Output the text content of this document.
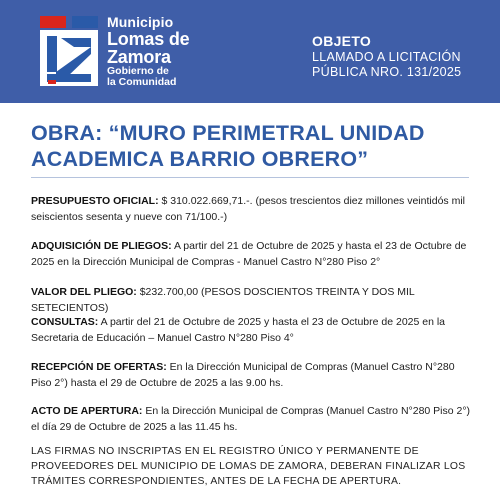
Municipio
Lomas de
Zamora
Gobierno de
la Comunidad
OBJETO
LLAMADO A LICITACIÓN
PÚBLICA NRO. 131/2025
OBRA: “MURO PERIMETRAL UNIDAD
ACADEMICA BARRIO OBRERO”
PRESUPUESTO OFICIAL: $ 310.022.669,71.-. (pesos trescientos diez millones veintidós mil seiscientos sesenta y nueve con 71/100.-)
ADQUISICIÓN DE PLIEGOS: A partir del 21 de Octubre de 2025 y hasta el 23 de Octubre de 2025 en la Dirección Municipal de Compras - Manuel Castro N°280 Piso 2°
VALOR DEL PLIEGO: $232.700,00 (PESOS DOSCIENTOS TREINTA Y DOS MIL SETECIENTOS)
CONSULTAS: A partir del 21 de Octubre de 2025 y hasta el 23 de Octubre de 2025 en la Secretaria de Educación – Manuel Castro N°280 Piso 4°
RECEPCIÓN DE OFERTAS: En la Dirección Municipal de Compras (Manuel Castro N°280 Piso 2°) hasta el 29 de Octubre de 2025 a las 9.00 hs.
ACTO DE APERTURA: En la Dirección Municipal de Compras (Manuel Castro N°280 Piso 2°) el día 29 de Octubre de 2025 a las 11.45 hs.
LAS FIRMAS NO INSCRIPTAS EN EL REGISTRO ÚNICO Y PERMANENTE DE PROVEEDORES DEL MUNICIPIO DE LOMAS DE ZAMORA, DEBERAN FINALIZAR LOS TRÁMITES CORRESPONDIENTES, ANTES DE LA FECHA DE APERTURA.
